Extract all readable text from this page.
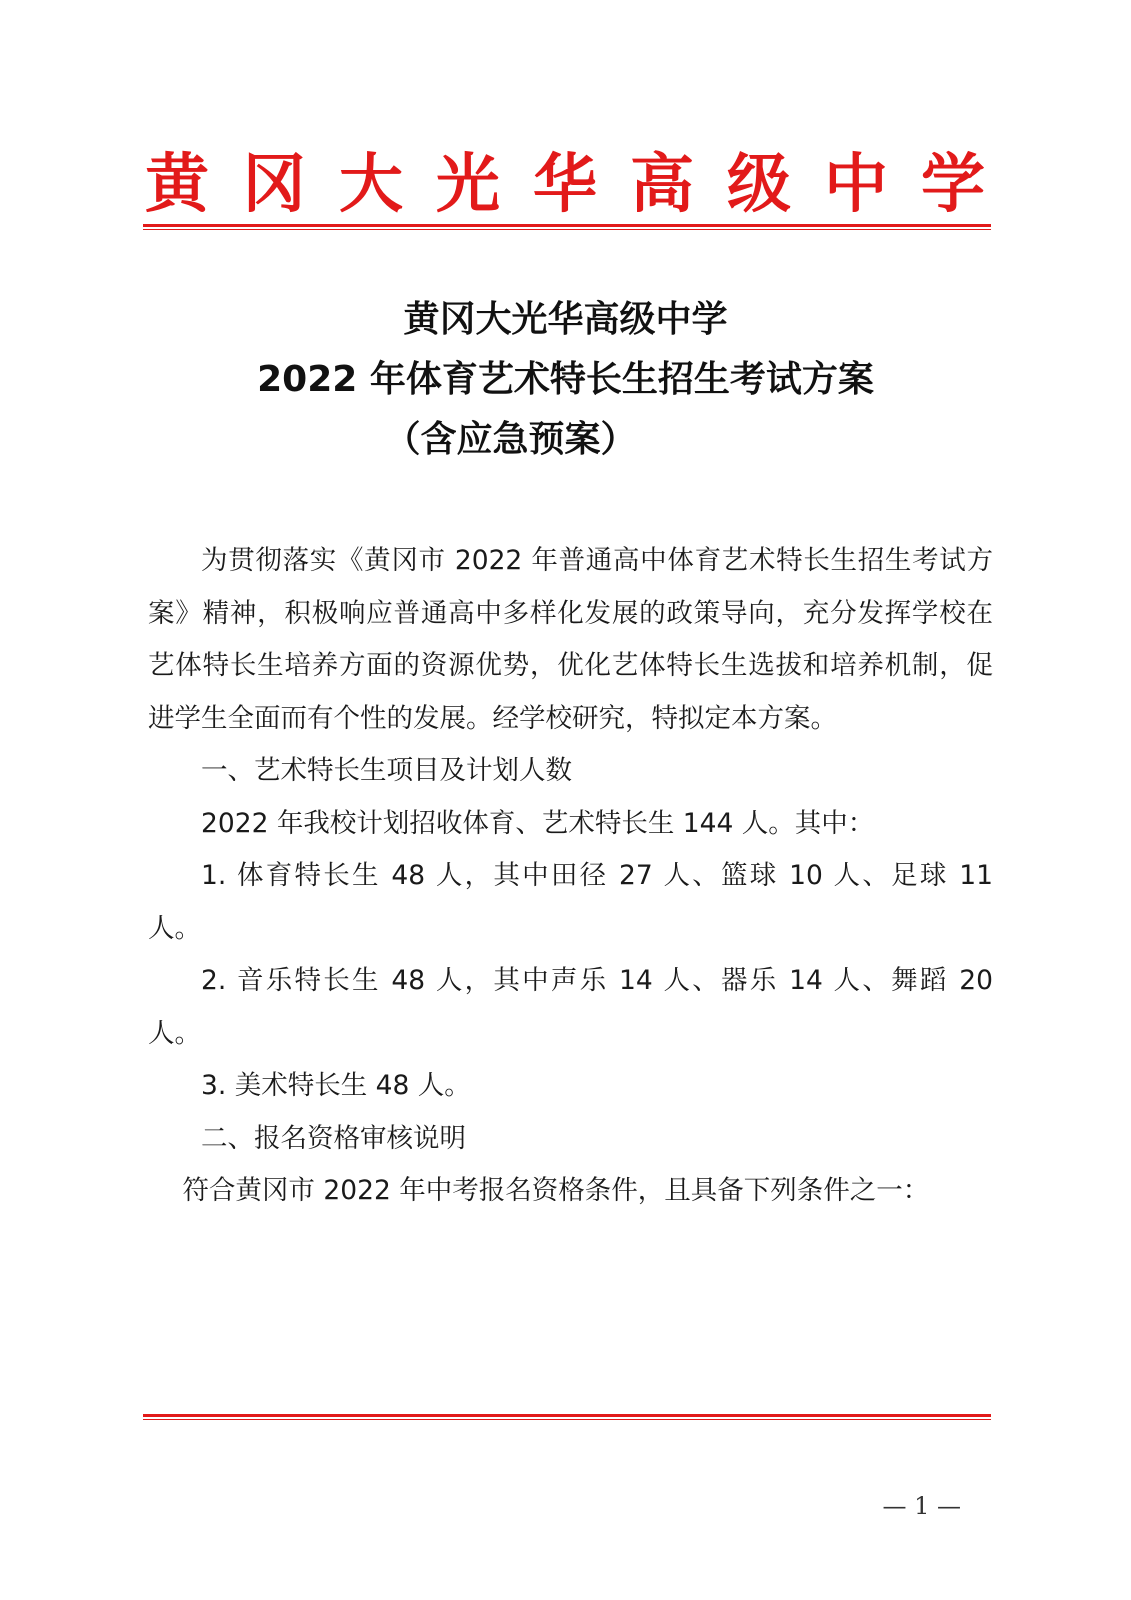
黄 冈 大 光 华 高 级 中 学
黄冈大光华高级中学
2022 年体育艺术特长生招生考试方案
（含应急预案）

为贯彻落实《黄冈市 2022 年普通高中体育艺术特长生招生考试方案》精神，积极响应普通高中多样化发展的政策导向，充分发挥学校在艺体特长生培养方面的资源优势，优化艺体特长生选拔和培养机制，促进学生全面而有个性的发展。经学校研究，特拟定本方案。

一、艺术特长生项目及计划人数

2022 年我校计划招收体育、艺术特长生 144 人。其中：

1. 体育特长生 48 人，其中田径 27 人、篮球 10 人、足球 11 人。

2. 音乐特长生 48 人，其中声乐 14 人、器乐 14 人、舞蹈 20 人。

3. 美术特长生 48 人。

二、报名资格审核说明

符合黄冈市 2022 年中考报名资格条件，且具备下列条件之一：

— 1 —
